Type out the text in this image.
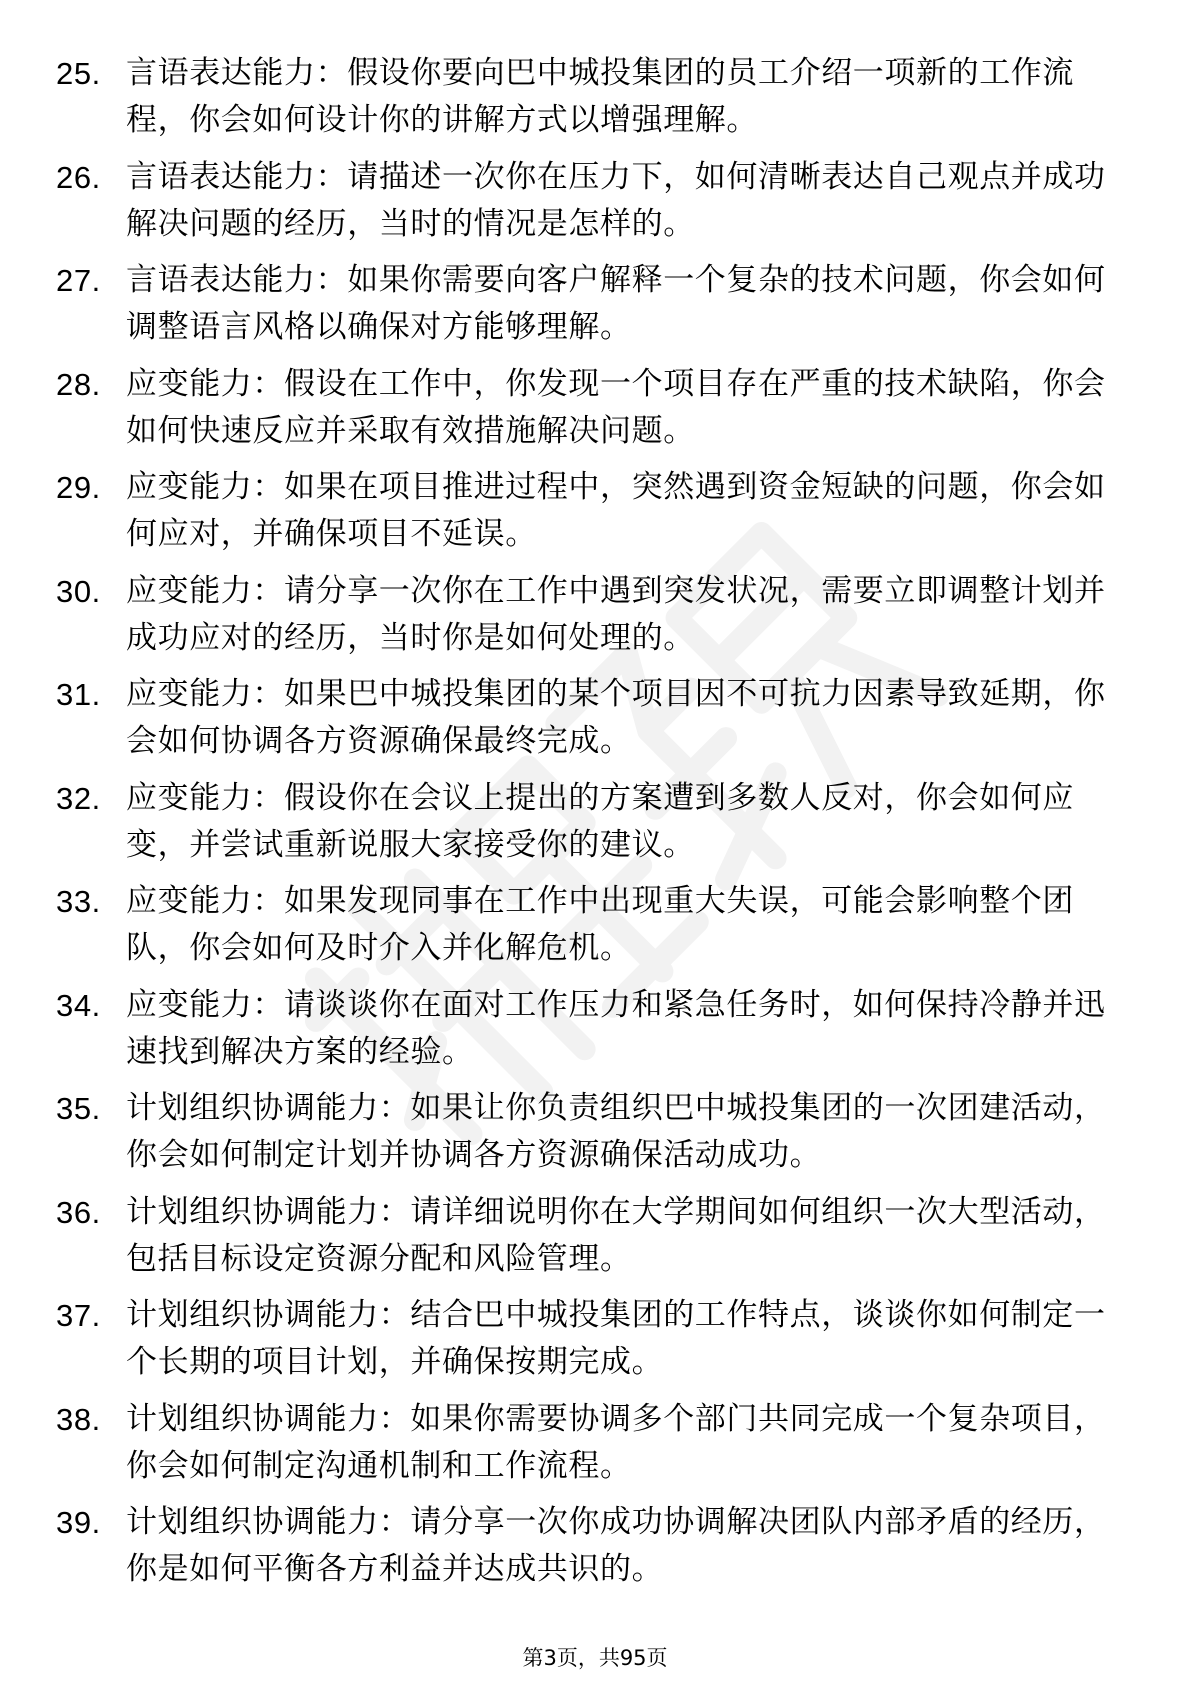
25. 言语表达能力：假设你要向巴中城投集团的员工介绍一项新的工作流程，你会如何设计你的讲解方式以增强理解。
26. 言语表达能力：请描述一次你在压力下，如何清晰表达自己观点并成功解决问题的经历，当时的情况是怎样的。
27. 言语表达能力：如果你需要向客户解释一个复杂的技术问题，你会如何调整语言风格以确保对方能够理解。
28. 应变能力：假设在工作中，你发现一个项目存在严重的技术缺陷，你会如何快速反应并采取有效措施解决问题。
29. 应变能力：如果在项目推进过程中，突然遇到资金短缺的问题，你会如何应对，并确保项目不延误。
30. 应变能力：请分享一次你在工作中遇到突发状况，需要立即调整计划并成功应对的经历，当时你是如何处理的。
31. 应变能力：如果巴中城投集团的某个项目因不可抗力因素导致延期，你会如何协调各方资源确保最终完成。
32. 应变能力：假设你在会议上提出的方案遭到多数人反对，你会如何应变，并尝试重新说服大家接受你的建议。
33. 应变能力：如果发现同事在工作中出现重大失误，可能会影响整个团队，你会如何及时介入并化解危机。
34. 应变能力：请谈谈你在面对工作压力和紧急任务时，如何保持冷静并迅速找到解决方案的经验。
35. 计划组织协调能力：如果让你负责组织巴中城投集团的一次团建活动，你会如何制定计划并协调各方资源确保活动成功。
36. 计划组织协调能力：请详细说明你在大学期间如何组织一次大型活动，包括目标设定资源分配和风险管理。
37. 计划组织协调能力：结合巴中城投集团的工作特点，谈谈你如何制定一个长期的项目计划，并确保按期完成。
38. 计划组织协调能力：如果你需要协调多个部门共同完成一个复杂项目，你会如何制定沟通机制和工作流程。
39. 计划组织协调能力：请分享一次你成功协调解决团队内部矛盾的经历，你是如何平衡各方利益并达成共识的。
第3页，共95页
